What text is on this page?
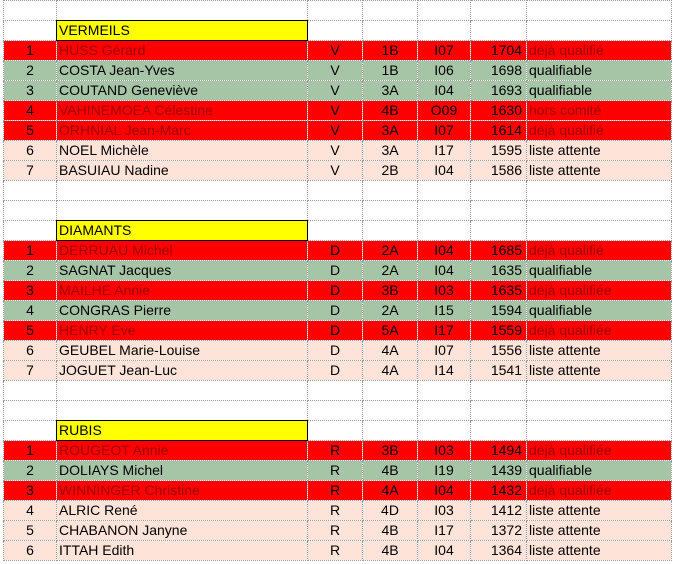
	VERMEILS					
1	HUSS Gérard	V	1B	I07	1704	déjà qualifié
2	COSTA Jean-Yves	V	1B	I06	1698	qualifiable
3	COUTAND Geneviève	V	3A	I04	1693	qualifiable
4	VAHINEMOEA Célestine	V	4B	O09	1630	hors comité
5	ORHNIAL Jean-Marc	V	3A	I07	1614	déjà qualifié
6	NOEL Michèle	V	3A	I17	1595	liste attente
7	BASUIAU Nadine	V	2B	I04	1586	liste attente

	DIAMANTS					
1	DERRUAU Michel	D	2A	I04	1685	déjà qualifié
2	SAGNAT Jacques	D	2A	I04	1635	qualifiable
3	MAILHE Annie	D	3B	I03	1635	déjà qualifiée
4	CONGRAS Pierre	D	2A	I15	1594	qualifiable
5	HENRY Eve	D	5A	I17	1559	déjà qualifiée
6	GEUBEL Marie-Louise	D	4A	I07	1556	liste attente
7	JOGUET Jean-Luc	D	4A	I14	1541	liste attente

	RUBIS					
1	ROUGEOT Annie	R	3B	I03	1494	déjà qualifiée
2	DOLIAYS Michel	R	4B	I19	1439	qualifiable
3	WINNINGER Christine	R	4A	I04	1432	déjà qualifiée
4	ALRIC René	R	4D	I03	1412	liste attente
5	CHABANON Janyne	R	4B	I17	1372	liste attente
6	ITTAH Edith	R	4B	I04	1364	liste attente
